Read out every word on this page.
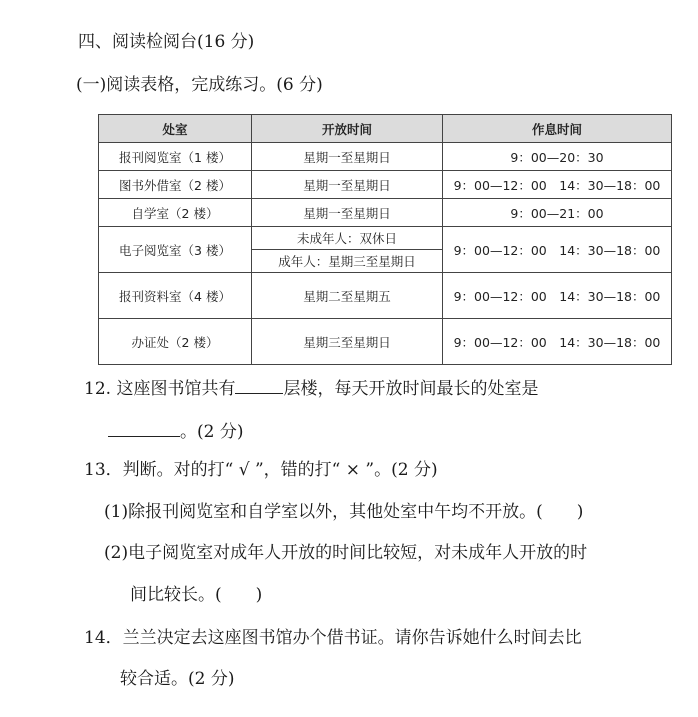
四、阅读检阅台(16 分)
(一)阅读表格，完成练习。(6 分)
处室	开放时间	作息时间
报刊阅览室（1 楼）	星期一至星期日	9：00—20：30
图书外借室（2 楼）	星期一至星期日	9：00—12：00　14：30—18：00
自学室（2 楼）	星期一至星期日	9：00—21：00
电子阅览室（3 楼）	未成年人：双休日	9：00—12：00　14：30—18：00
	成年人：星期三至星期日	
报刊资料室（4 楼）	星期二至星期五	9：00—12：00　14：30—18：00
办证处（2 楼）	星期三至星期日	9：00—12：00　14：30—18：00
12. 这座图书馆共有	层楼，每天开放时间最长的处室是
。(2 分)
13．判断。对的打“ √ ”，错的打“ × ”。(2 分)
(1)除报刊阅览室和自学室以外，其他处室中午均不开放。(　　)
(2)电子阅览室对成年人开放的时间比较短，对未成年人开放的时
间比较长。(　　)
14．兰兰决定去这座图书馆办个借书证。请你告诉她什么时间去比
较合适。(2 分)
